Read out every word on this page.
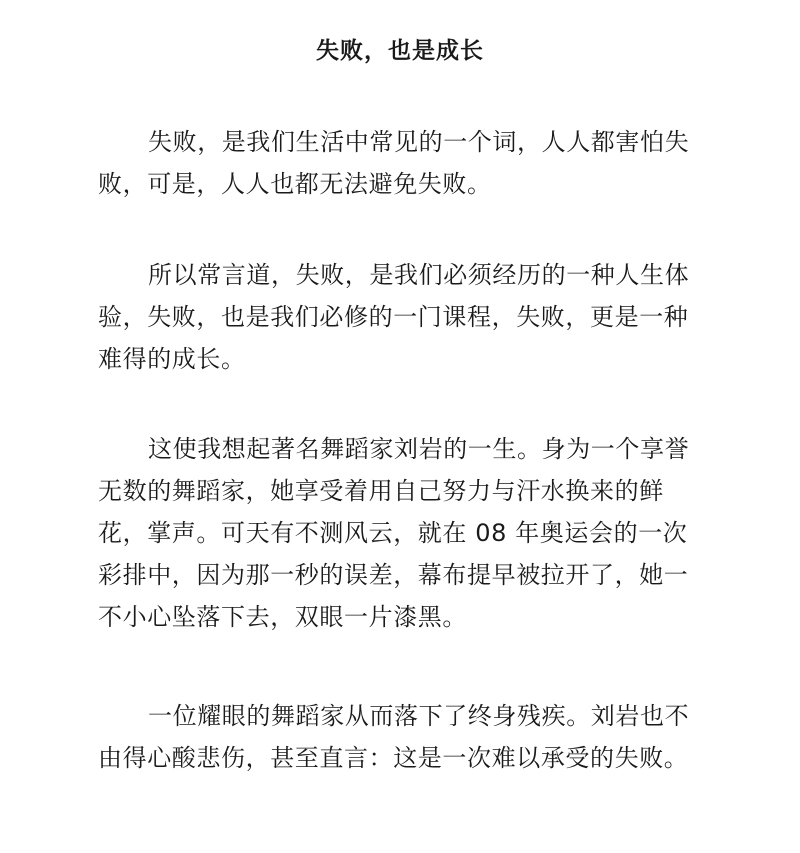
失败，也是成长

失败，是我们生活中常见的一个词，人人都害怕失败，可是，人人也都无法避免失败。

所以常言道，失败，是我们必须经历的一种人生体验，失败，也是我们必修的一门课程，失败，更是一种难得的成长。

这使我想起著名舞蹈家刘岩的一生。身为一个享誉无数的舞蹈家，她享受着用自己努力与汗水换来的鲜花，掌声。可天有不测风云，就在 08 年奥运会的一次彩排中，因为那一秒的误差，幕布提早被拉开了，她一不小心坠落下去，双眼一片漆黑。

一位耀眼的舞蹈家从而落下了终身残疾。刘岩也不由得心酸悲伤，甚至直言：这是一次难以承受的失败。
